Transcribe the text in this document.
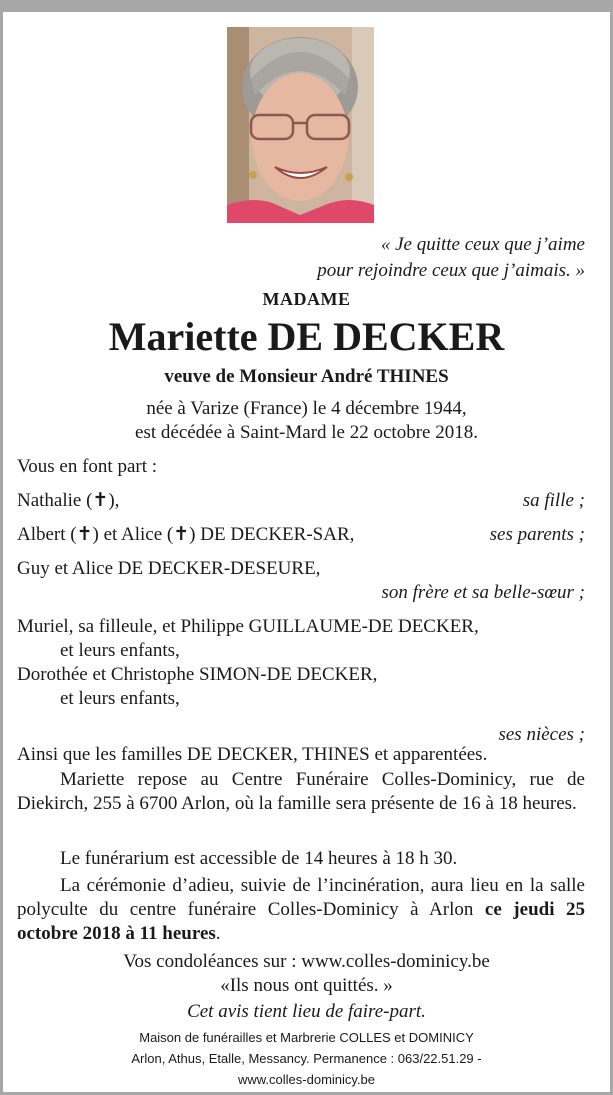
« Je quitte ceux que j’aime
pour rejoindre ceux que j’aimais. »
MADAME
Mariette DE DECKER
veuve de Monsieur André THINES
née à Varize (France) le 4 décembre 1944,
est décédée à Saint-Mard le 22 octobre 2018.
Vous en font part :
Nathalie (✝),	sa fille ;
Albert (✝) et Alice (✝) DE DECKER-SAR,	ses parents ;
Guy et Alice DE DECKER-DESEURE,
son frère et sa belle-sœur ;
Muriel, sa filleule, et Philippe GUILLAUME-DE DECKER,
et leurs enfants,
Dorothée et Christophe SIMON-DE DECKER,
et leurs enfants,
ses nièces ;
Ainsi que les familles DE DECKER, THINES et apparentées.
Mariette repose au Centre Funéraire Colles-Dominicy, rue de Diekirch, 255 à 6700 Arlon, où la famille sera présente de 16 à 18 heures.
Le funérarium est accessible de 14 heures à 18 h 30.
La cérémonie d’adieu, suivie de l’incinération, aura lieu en la salle polyculte du centre funéraire Colles-Dominicy à Arlon ce jeudi 25 octobre 2018 à 11 heures.
Vos condoléances sur : www.colles-dominicy.be
«Ils nous ont quittés. »
Cet avis tient lieu de faire-part.
Maison de funérailles et Marbrerie COLLES et DOMINICY
Arlon, Athus, Etalle, Messancy. Permanence : 063/22.51.29 -
www.colles-dominicy.be
